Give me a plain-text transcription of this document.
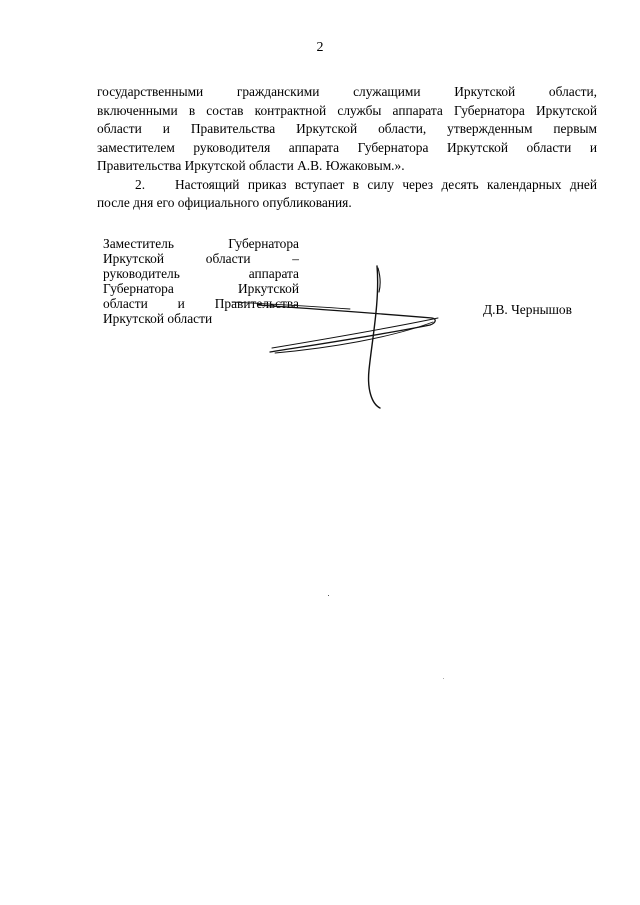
2

государственными гражданскими служащими Иркутской области,
включенными в состав контрактной службы аппарата Губернатора Иркутской
области и Правительства Иркутской области, утвержденным первым
заместителем руководителя аппарата Губернатора Иркутской области и
Правительства Иркутской области А.В. Южаковым.».

2. Настоящий приказ вступает в силу через десять календарных дней
после дня его официального опубликования.

Заместитель Губернатора
Иркутской области –
руководитель аппарата
Губернатора Иркутской
области и Правительства
Иркутской области
Д.В. Чернышов
